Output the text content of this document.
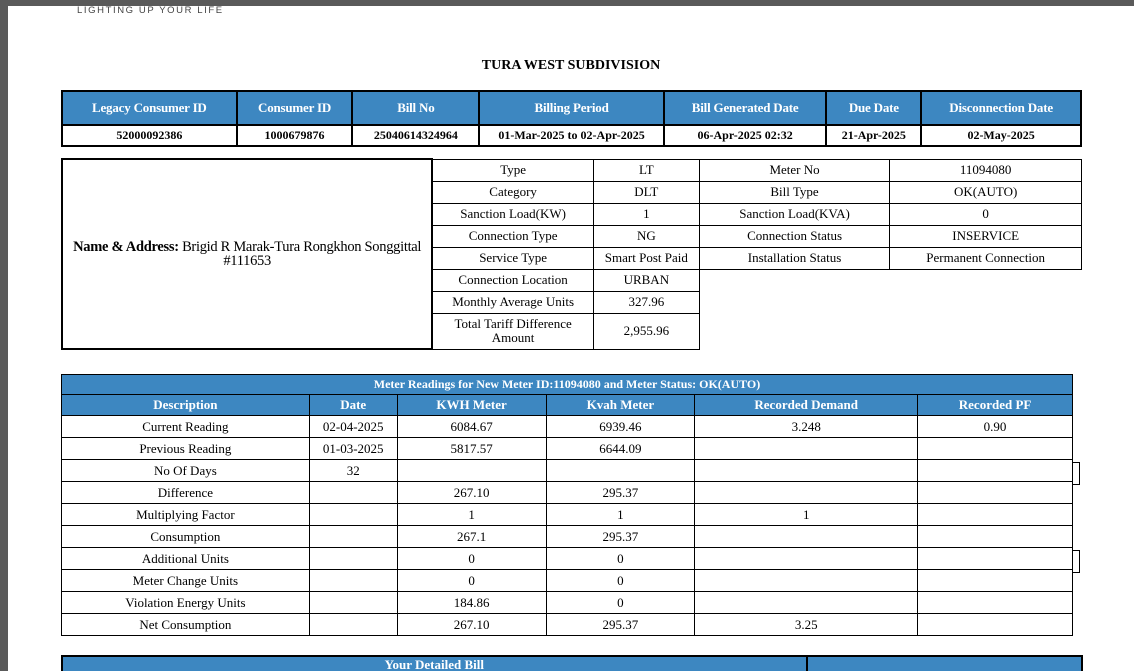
LIGHTING UP YOUR LIFE
TURA WEST SUBDIVISION
Legacy Consumer ID	Consumer ID	Bill No	Billing Period	Bill Generated Date	Due Date	Disconnection Date
52000092386	1000679876	25040614324964	01-Mar-2025 to 02-Apr-2025	06-Apr-2025 02:32	21-Apr-2025	02-May-2025
Name & Address: Brigid R Marak-Tura Rongkhon Songgittal #111653	Type	LT	Meter No	11094080
	Category	DLT	Bill Type	OK(AUTO)
	Sanction Load(KW)	1	Sanction Load(KVA)	0
	Connection Type	NG	Connection Status	INSERVICE
	Service Type	Smart Post Paid	Installation Status	Permanent Connection
	Connection Location	URBAN		
	Monthly Average Units	327.96		
	Total Tariff Difference Amount	2,955.96		
Meter Readings for New Meter ID:11094080 and Meter Status: OK(AUTO)					
Description	Date	KWH Meter	Kvah Meter	Recorded Demand	Recorded PF
Current Reading	02-04-2025	6084.67	6939.46	3.248	0.90
Previous Reading	01-03-2025	5817.57	6644.09		
No Of Days	32				
Difference		267.10	295.37		
Multiplying Factor		1	1	1	
Consumption		267.1	295.37		
Additional Units		0	0		
Meter Change Units		0	0		
Violation Energy Units		184.86	0		
Net Consumption		267.10	295.37	3.25	
Your Detailed Bill	
